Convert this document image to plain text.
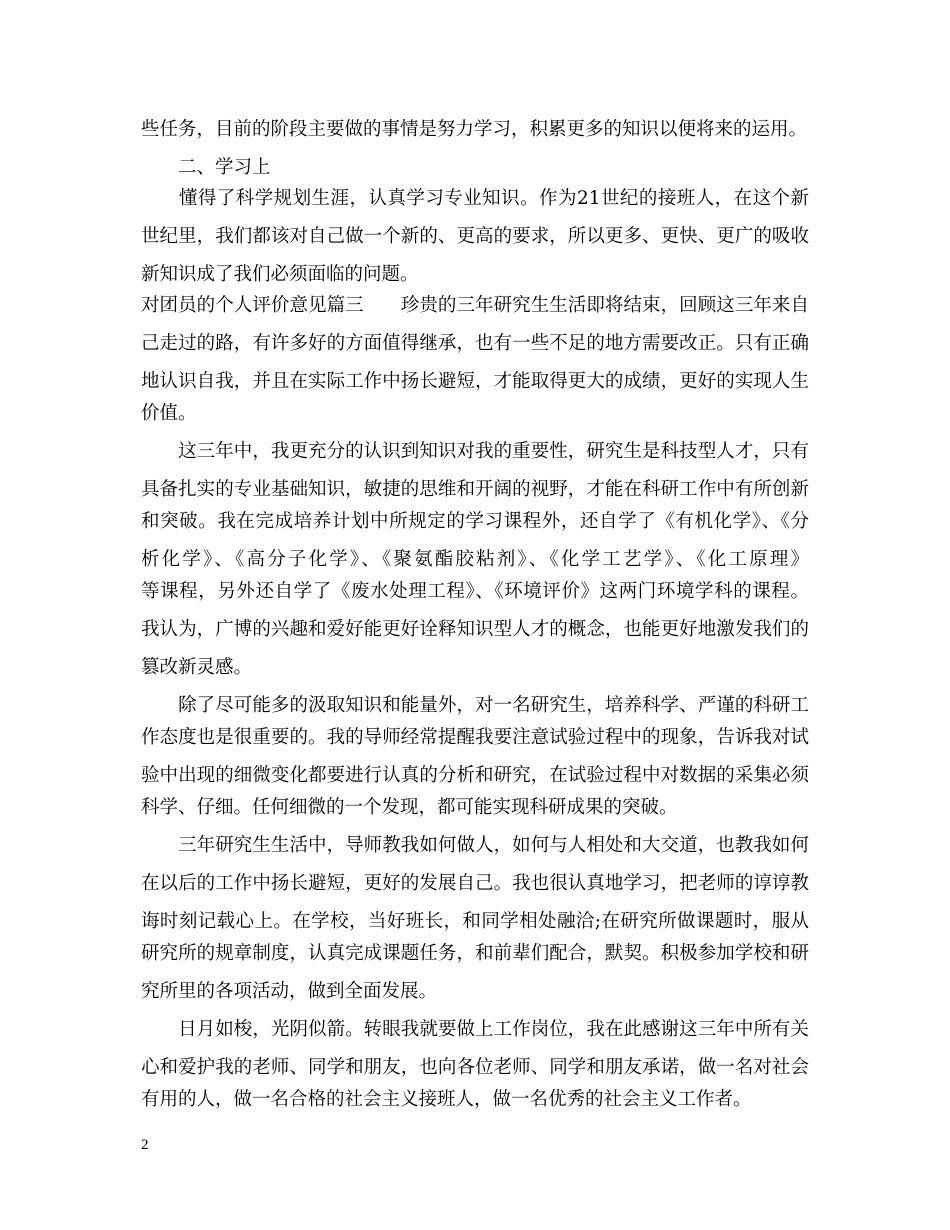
些任务，目前的阶段主要做的事情是努力学习，积累更多的知识以便将来的运用。
　　二、学习上
　　懂得了科学规划生涯，认真学习专业知识。作为21世纪的接班人，在这个新
世纪里，我们都该对自己做一个新的、更高的要求，所以更多、更快、更广的吸收
新知识成了我们必须面临的问题。
对团员的个人评价意见篇三　　珍贵的三年研究生生活即将结束，回顾这三年来自
己走过的路，有许多好的方面值得继承，也有一些不足的地方需要改正。只有正确
地认识自我，并且在实际工作中扬长避短，才能取得更大的成绩，更好的实现人生
价值。
　　这三年中，我更充分的认识到知识对我的重要性，研究生是科技型人才，只有
具备扎实的专业基础知识，敏捷的思维和开阔的视野，才能在科研工作中有所创新
和突破。我在完成培养计划中所规定的学习课程外，还自学了《有机化学》、《分
析化学》、《高分子化学》、《聚氨酯胶粘剂》、《化学工艺学》、《化工原理》
等课程，另外还自学了《废水处理工程》、《环境评价》这两门环境学科的课程。
我认为，广博的兴趣和爱好能更好诠释知识型人才的概念，也能更好地激发我们的
篡改新灵感。
　　除了尽可能多的汲取知识和能量外，对一名研究生，培养科学、严谨的科研工
作态度也是很重要的。我的导师经常提醒我要注意试验过程中的现象，告诉我对试
验中出现的细微变化都要进行认真的分析和研究，在试验过程中对数据的采集必须
科学、仔细。任何细微的一个发现，都可能实现科研成果的突破。
　　三年研究生生活中，导师教我如何做人，如何与人相处和大交道，也教我如何
在以后的工作中扬长避短，更好的发展自己。我也很认真地学习，把老师的谆谆教
诲时刻记载心上。在学校，当好班长，和同学相处融洽;在研究所做课题时，服从
研究所的规章制度，认真完成课题任务，和前辈们配合，默契。积极参加学校和研
究所里的各项活动，做到全面发展。
　　日月如梭，光阴似箭。转眼我就要做上工作岗位，我在此感谢这三年中所有关
心和爱护我的老师、同学和朋友，也向各位老师、同学和朋友承诺，做一名对社会
有用的人，做一名合格的社会主义接班人，做一名优秀的社会主义工作者。
2
